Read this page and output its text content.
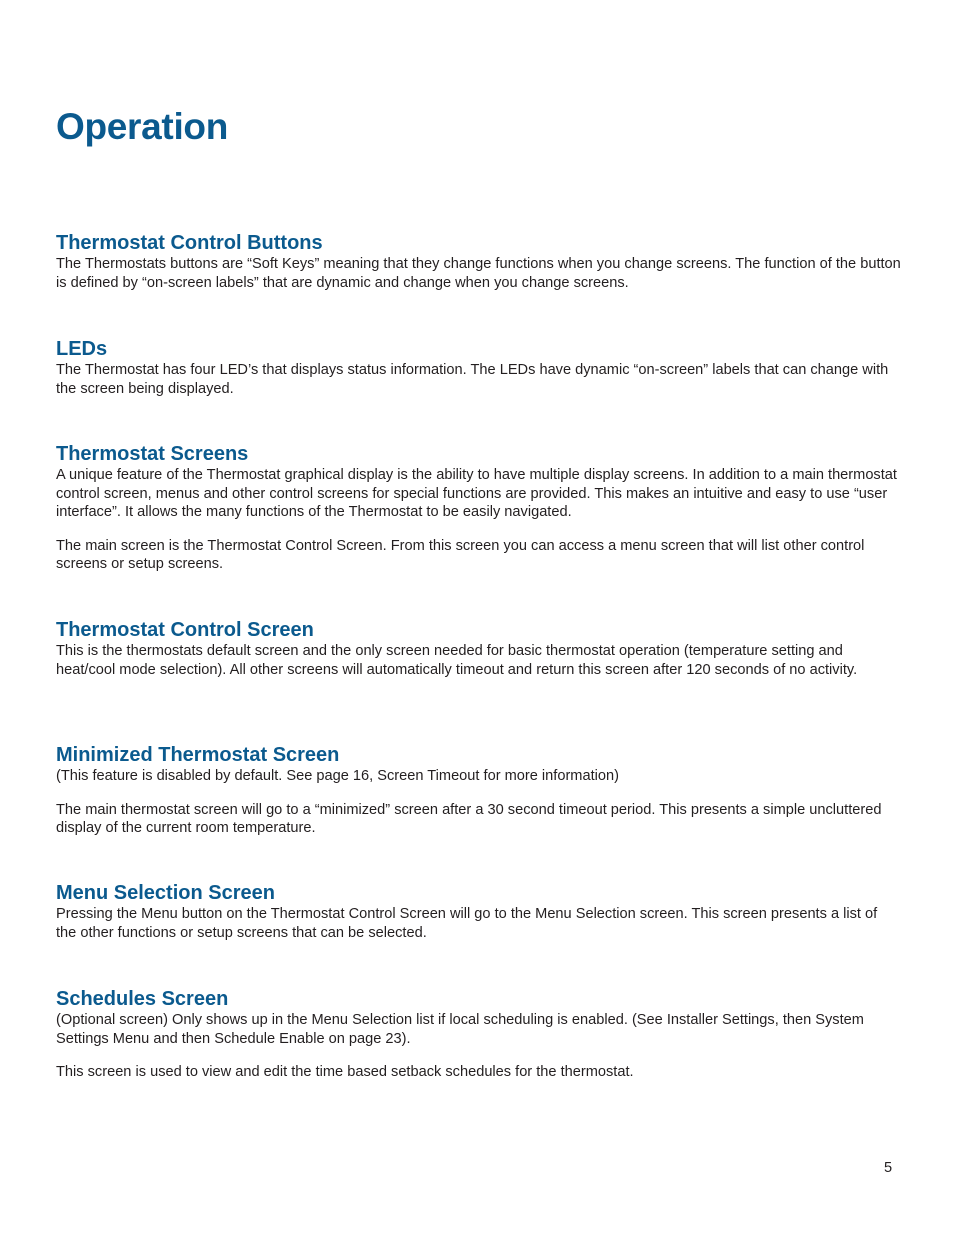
Operation
Thermostat Control Buttons

The Thermostats buttons are “Soft Keys” meaning that they change functions when you change screens. The function of the button is defined by “on-screen labels” that are dynamic and change when you change screens.

LEDs

The Thermostat has four LED’s that displays status information. The LEDs have dynamic “on-screen” labels that can change with the screen being displayed.

Thermostat Screens

A unique feature of the Thermostat graphical display is the ability to have multiple display screens. In addition to a main thermostat control screen, menus and other control screens for special functions are provided. This makes an intuitive and easy to use “user interface”. It allows the many functions of the Thermostat to be easily navigated.

The main screen is the Thermostat Control Screen. From this screen you can access a menu screen that will list other control screens or setup screens.

Thermostat Control Screen

This is the thermostats default screen and the only screen needed for basic thermostat operation (temperature setting and heat/cool mode selection). All other screens will automatically timeout and return this screen after 120 seconds of no activity.

Minimized Thermostat Screen

(This feature is disabled by default. See page 16, Screen Timeout for more information)

The main thermostat screen will go to a “minimized” screen after a 30 second timeout period. This presents a simple uncluttered display of the current room temperature.

Menu Selection Screen

Pressing the Menu button on the Thermostat Control Screen will go to the Menu Selection screen. This screen presents a list of the other functions or setup screens that can be selected.

Schedules Screen

(Optional screen) Only shows up in the Menu Selection list if local scheduling is enabled. (See Installer Settings, then System Settings Menu and then Schedule Enable on page 23).

This screen is used to view and edit the time based setback schedules for the thermostat.

5
